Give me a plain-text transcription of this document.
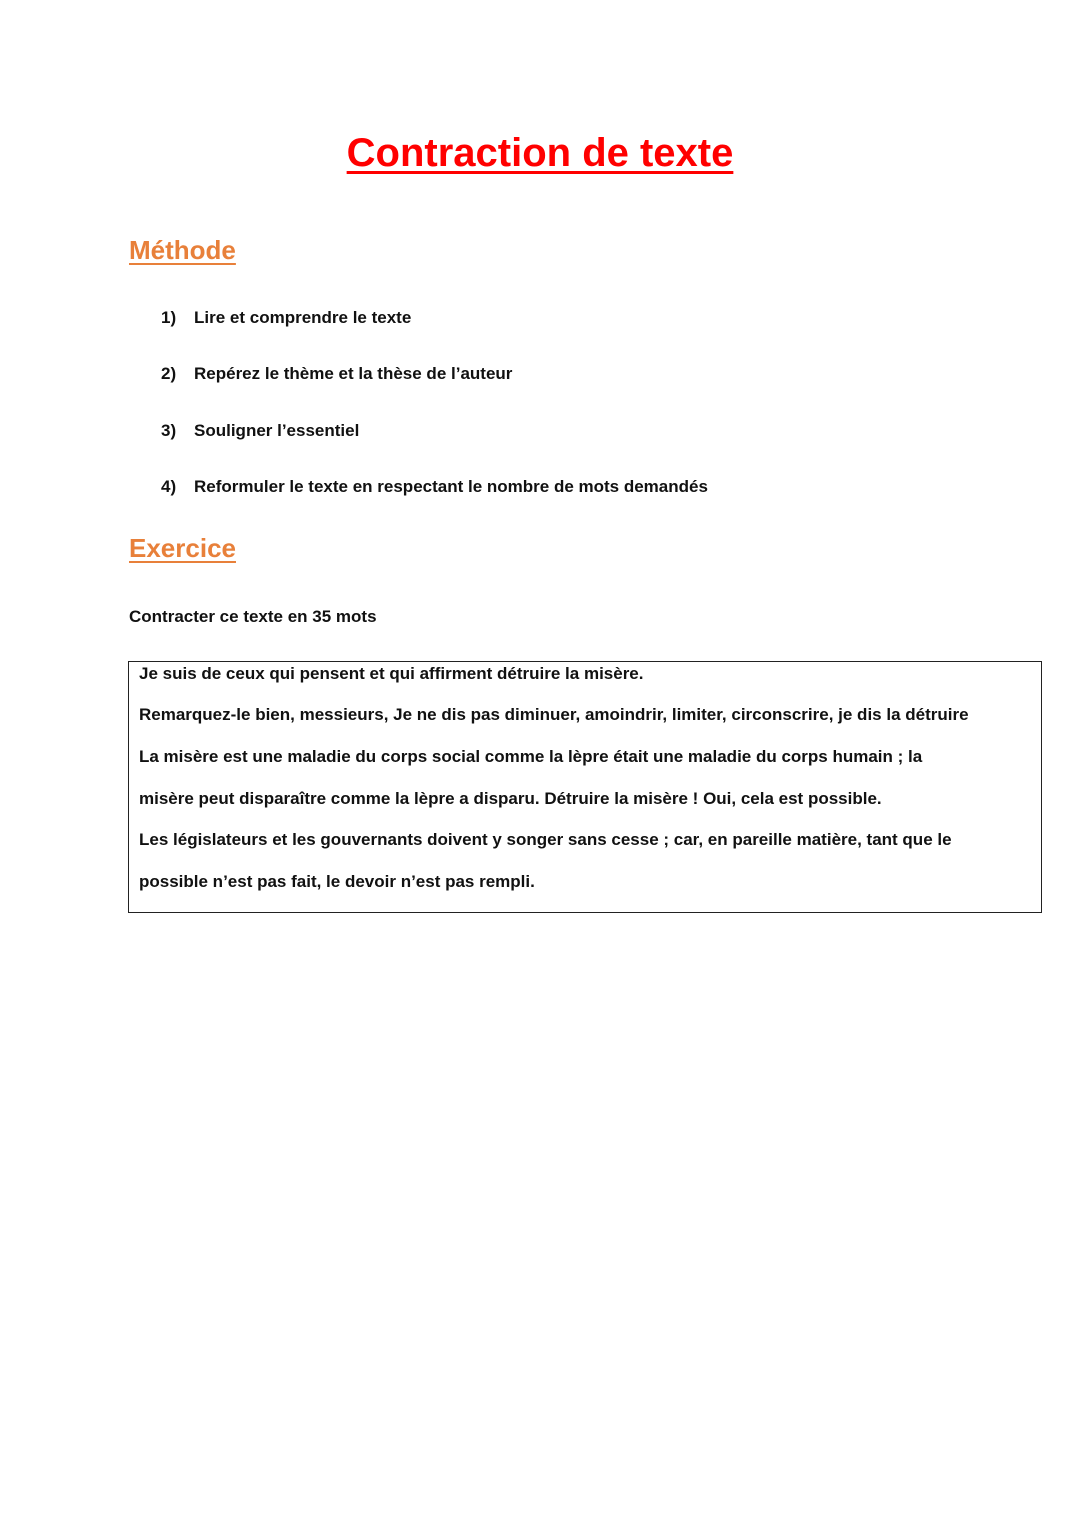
Contraction de texte
Méthode
1) Lire et comprendre le texte
2) Repérez le thème et la thèse de l’auteur
3) Souligner l’essentiel
4) Reformuler le texte en respectant le nombre de mots demandés
Exercice

Contracter ce texte en 35 mots

Je suis de ceux qui pensent et qui affirment détruire la misère.

Remarquez-le bien, messieurs, Je ne dis pas diminuer, amoindrir, limiter, circonscrire, je dis la détruire

La misère est une maladie du corps social comme la lèpre était une maladie du corps humain ; la

misère peut disparaître comme la lèpre a disparu. Détruire la misère ! Oui, cela est possible.

Les législateurs et les gouvernants doivent y songer sans cesse ; car, en pareille matière, tant que le

possible n’est pas fait, le devoir n’est pas rempli.
